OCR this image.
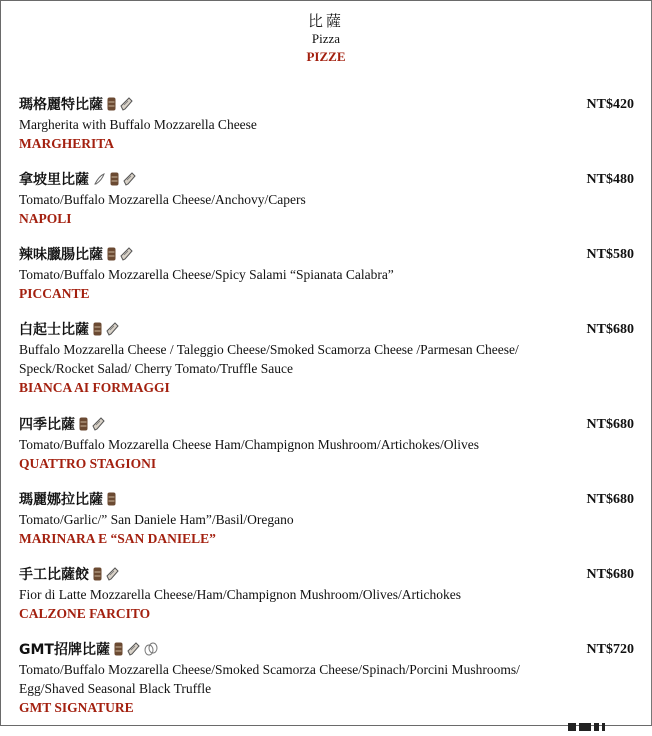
比薩
Pizza
PIZZE
瑪格麗特比薩	NT$420
Margherita with Buffalo Mozzarella Cheese
MARGHERITA
拿坡里比薩	NT$480
Tomato/Buffalo Mozzarella Cheese/Anchovy/Capers
NAPOLI
辣味臘腸比薩	NT$580
Tomato/Buffalo Mozzarella Cheese/Spicy Salami “Spianata Calabra”
PICCANTE
白起士比薩	NT$680
Buffalo Mozzarella Cheese / Taleggio Cheese/Smoked Scamorza Cheese /Parmesan Cheese/
Speck/Rocket Salad/ Cherry Tomato/Truffle Sauce
BIANCA AI FORMAGGI
四季比薩	NT$680
Tomato/Buffalo Mozzarella Cheese Ham/Champignon Mushroom/Artichokes/Olives
QUATTRO STAGIONI
瑪麗娜拉比薩	NT$680
Tomato/Garlic/” San Daniele Ham”/Basil/Oregano
MARINARA E “SAN DANIELE”
手工比薩餃	NT$680
Fior di Latte Mozzarella Cheese/Ham/Champignon Mushroom/Olives/Artichokes
CALZONE FARCITO
GMT招牌比薩	NT$720
Tomato/Buffalo Mozzarella Cheese/Smoked Scamorza Cheese/Spinach/Porcini Mushrooms/
Egg/Shaved Seasonal Black Truffle
GMT SIGNATURE
